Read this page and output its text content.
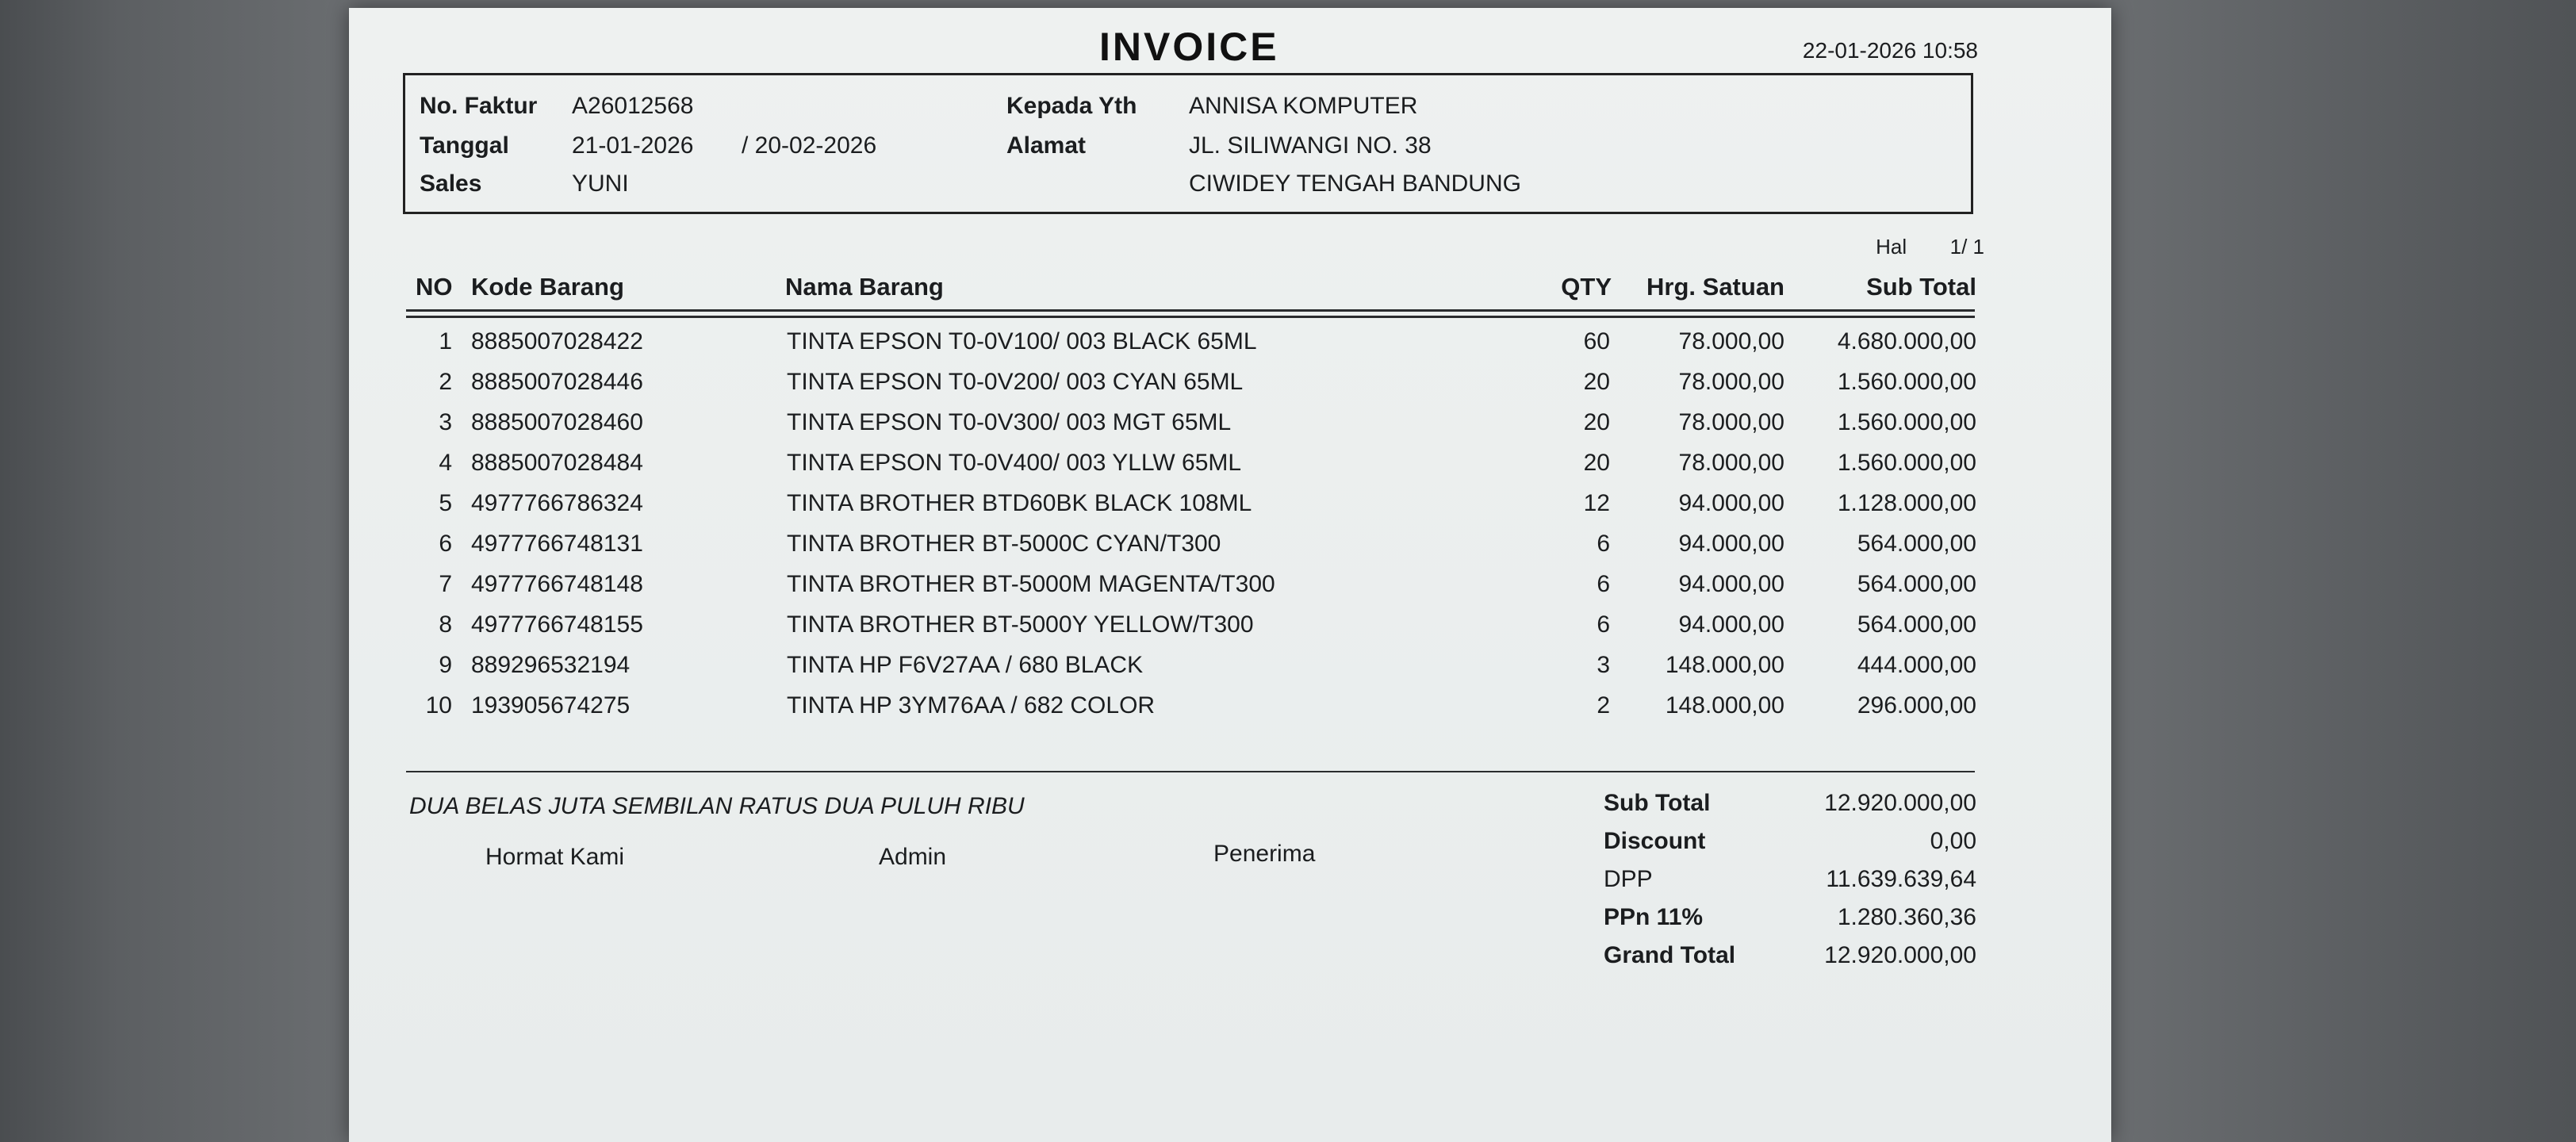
INVOICE	22-01-2026 10:58
No. Faktur A26012568
Tanggal	21-01-2026 / 20-02-2026
Sales	YUNI
Kepada Yth ANNISA KOMPUTER
Alamat	JL. SILIWANGI NO. 38
CIWIDEY TENGAH BANDUNG
Hal 1/ 1
NO Kode Barang	Nama Barang	QTY Hrg. Satuan	Sub Total
1 8885007028422	TINTA EPSON T0-0V100/ 003 BLACK 65ML	60	78.000,00 4.680.000,00
2 8885007028446	TINTA EPSON T0-0V200/ 003 CYAN 65ML	20	78.000,00 1.560.000,00
3 8885007028460	TINTA EPSON T0-0V300/ 003 MGT 65ML	20	78.000,00 1.560.000,00
4 8885007028484	TINTA EPSON T0-0V400/ 003 YLLW 65ML	20	78.000,00 1.560.000,00
5 4977766786324	TINTA BROTHER BTD60BK BLACK 108ML	12	94.000,00 1.128.000,00
6 4977766748131	TINTA BROTHER BT-5000C CYAN/T300	6	94.000,00	564.000,00
7 4977766748148	TINTA BROTHER BT-5000M MAGENTA/T300	6	94.000,00	564.000,00
8 4977766748155	TINTA BROTHER BT-5000Y YELLOW/T300	6	94.000,00	564.000,00
9 889296532194	TINTA HP F6V27AA / 680 BLACK	3 148.000,00	444.000,00
10 193905674275	TINTA HP 3YM76AA / 682 COLOR	2 148.000,00	296.000,00
DUA BELAS JUTA SEMBILAN RATUS DUA PULUH RIBU
Hormat Kami	Admin	Penerima
Sub Total	12.920.000,00
Discount	0,00
DPP	11.639.639,64
PPn 11%	1.280.360,36
Grand Total	12.920.000,00
